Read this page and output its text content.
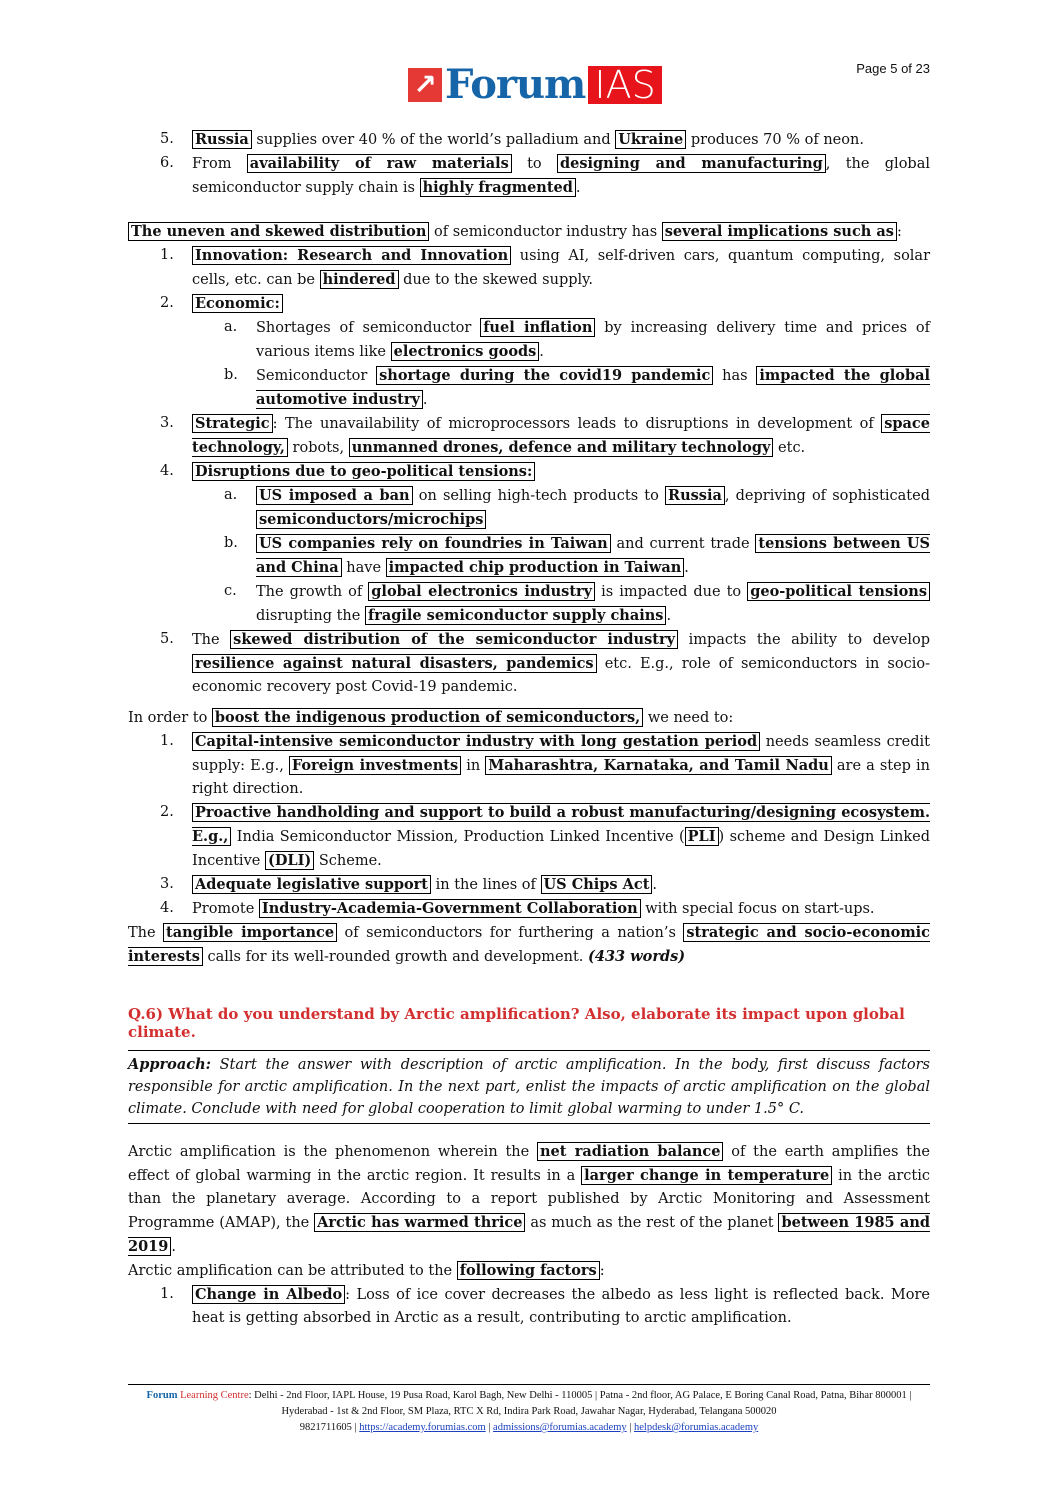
↗ Forum IAS	Page 5 of 23
5. Russia supplies over 40 % of the world’s palladium and Ukraine produces 70 % of neon.
6. From availability of raw materials to designing and manufacturing , the global semiconductor supply chain is highly fragmented .
The uneven and skewed distribution of semiconductor industry has several implications such as :
1. Innovation: Research and Innovation using AI, self-driven cars, quantum computing, solar cells, etc. can be hindered due to the skewed supply.
2. Economic:
a. Shortages of semiconductor fuel inflation by increasing delivery time and prices of various items like electronics goods .
b. Semiconductor shortage during the covid19 pandemic has impacted the global automotive industry .
3. Strategic : The unavailability of microprocessors leads to disruptions in development of space technology, robots, unmanned drones, defence and military technology etc.
4. Disruptions due to geo-political tensions:
a. US imposed a ban on selling high-tech products to Russia , depriving of sophisticated semiconductors/microchips
b. US companies rely on foundries in Taiwan and current trade tensions between US and China have impacted chip production in Taiwan .
c. The growth of global electronics industry is impacted due to geo-political tensions disrupting the fragile semiconductor supply chains .
5. The skewed distribution of the semiconductor industry impacts the ability to develop resilience against natural disasters, pandemics etc. E.g., role of semiconductors in socio-economic recovery post Covid-19 pandemic.
In order to boost the indigenous production of semiconductors, we need to:
1. Capital-intensive semiconductor industry with long gestation period needs seamless credit supply: E.g., Foreign investments in Maharashtra, Karnataka, and Tamil Nadu are a step in right direction.
2. Proactive handholding and support to build a robust manufacturing/designing ecosystem. E.g., India Semiconductor Mission, Production Linked Incentive ( PLI ) scheme and Design Linked Incentive (DLI) Scheme.
3. Adequate legislative support in the lines of US Chips Act .
4. Promote Industry-Academia-Government Collaboration with special focus on start-ups.
The tangible importance of semiconductors for furthering a nation’s strategic and socio-economic interests calls for its well-rounded growth and development. (433 words)
Q.6) What do you understand by Arctic amplification? Also, elaborate its impact upon global climate.
Approach: Start the answer with description of arctic amplification. In the body, first discuss factors responsible for arctic amplification. In the next part, enlist the impacts of arctic amplification on the global climate. Conclude with need for global cooperation to limit global warming to under 1.5° C.
Arctic amplification is the phenomenon wherein the net radiation balance of the earth amplifies the effect of global warming in the arctic region. It results in a larger change in temperature in the arctic than the planetary average. According to a report published by Arctic Monitoring and Assessment Programme (AMAP), the Arctic has warmed thrice as much as the rest of the planet between 1985 and 2019 .
Arctic amplification can be attributed to the following factors :
1. Change in Albedo : Loss of ice cover decreases the albedo as less light is reflected back. More heat is getting absorbed in Arctic as a result, contributing to arctic amplification.
Forum Learning Centre: Delhi - 2nd Floor, IAPL House, 19 Pusa Road, Karol Bagh, New Delhi - 110005 | Patna - 2nd floor, AG Palace, E Boring Canal Road, Patna, Bihar 800001 | Hyderabad - 1st & 2nd Floor, SM Plaza, RTC X Rd, Indira Park Road, Jawahar Nagar, Hyderabad, Telangana 500020
9821711605 | https://academy.forumias.com | admissions@forumias.academy | helpdesk@forumias.academy
